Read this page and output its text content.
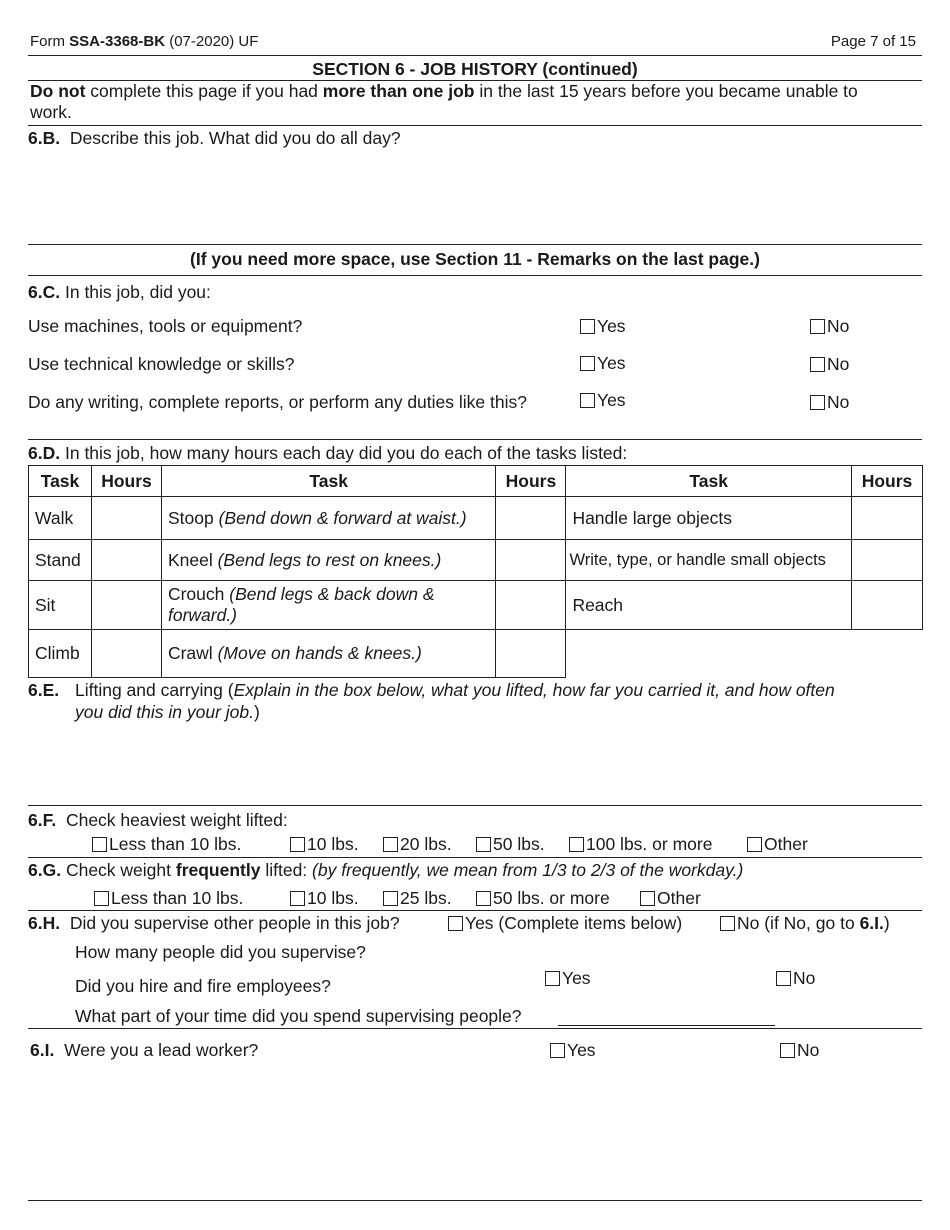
Form SSA-3368-BK (07-2020) UF	Page 7 of 15
SECTION 6 - JOB HISTORY (continued)
Do not complete this page if you had more than one job in the last 15 years before you became unable to
work.
6.B. Describe this job. What did you do all day?
(If you need more space, use Section 11 - Remarks on the last page.)
6.C. In this job, did you:
Use machines, tools or equipment?	Yes	No
Use technical knowledge or skills?	Yes	No
Do any writing, complete reports, or perform any duties like this?	Yes	No
6.D. In this job, how many hours each day did you do each of the tasks listed:
Task	Hours	Task	Hours	Task	Hours
Walk		Stoop (Bend down & forward at waist.)		Handle large objects	
Stand		Kneel (Bend legs to rest on knees.)		Write, type, or handle small objects	
Sit		Crouch (Bend legs & back down & forward.)		Reach	
Climb		Crawl (Move on hands & knees.)			
6.E. Lifting and carrying (Explain in the box below, what you lifted, how far you carried it, and how often
you did this in your job.)
6.F. Check heaviest weight lifted:
Less than 10 lbs.	10 lbs.	20 lbs.	50 lbs.	100 lbs. or more	Other
6.G. Check weight frequently lifted: (by frequently, we mean from 1/3 to 2/3 of the workday.)
Less than 10 lbs.	10 lbs.	25 lbs.	50 lbs. or more	Other
6.H. Did you supervise other people in this job?	Yes (Complete items below)	No (if No, go to 6.I.)
How many people did you supervise?
Did you hire and fire employees?	Yes	No
What part of your time did you spend supervising people?
6.I. Were you a lead worker?	Yes	No
